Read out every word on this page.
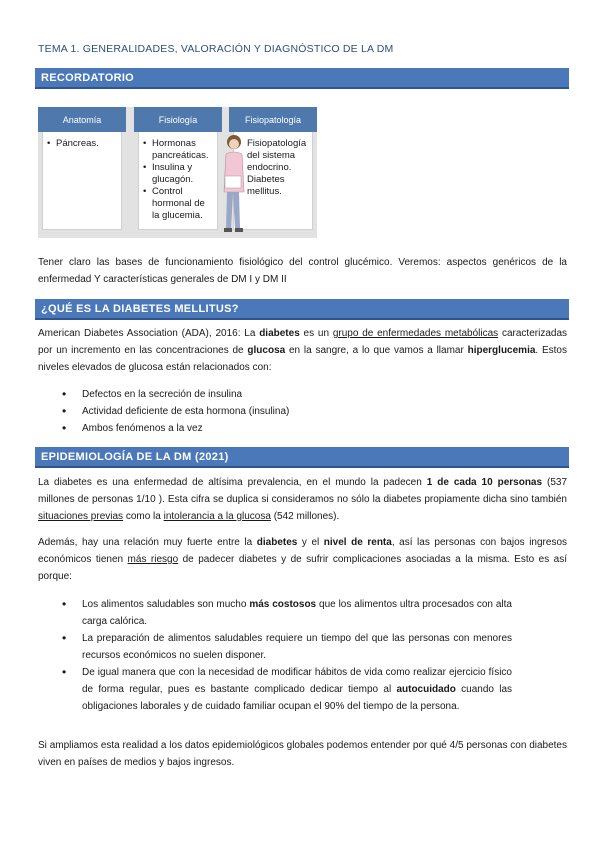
TEMA 1. GENERALIDADES, VALORACIÓN Y DIAGNÓSTICO DE LA DM
RECORDATORIO
Anatomía
• Páncreas.
Fisiología
• Hormonas pancreáticas.
• Insulina y glucagón.
• Control hormonal de la glucemia.
Fisiopatología
• Fisiopatología del sistema endocrino.
• Diabetes mellitus.
Tener claro las bases de funcionamiento fisiológico del control glucémico. Veremos: aspectos genéricos de la enfermedad Y características generales de DM I y DM II
¿QUÉ ES LA DIABETES MELLITUS?
American Diabetes Association (ADA), 2016: La diabetes es un grupo de enfermedades metabólicas caracterizadas por un incremento en las concentraciones de glucosa en la sangre, a lo que vamos a llamar hiperglucemia. Estos niveles elevados de glucosa están relacionados con:
• Defectos en la secreción de insulina
• Actividad deficiente de esta hormona (insulina)
• Ambos fenómenos a la vez
EPIDEMIOLOGÍA DE LA DM (2021)
La diabetes es una enfermedad de altísima prevalencia, en el mundo la padecen 1 de cada 10 personas (537 millones de personas 1/10 ). Esta cifra se duplica si consideramos no sólo la diabetes propiamente dicha sino también situaciones previas como la intolerancia a la glucosa (542 millones).
Además, hay una relación muy fuerte entre la diabetes y el nivel de renta, así las personas con bajos ingresos económicos tienen más riesgo de padecer diabetes y de sufrir complicaciones asociadas a la misma. Esto es así porque:
• Los alimentos saludables son mucho más costosos que los alimentos ultra procesados con alta carga calórica.
• La preparación de alimentos saludables requiere un tiempo del que las personas con menores recursos económicos no suelen disponer.
• De igual manera que con la necesidad de modificar hábitos de vida como realizar ejercicio físico de forma regular, pues es bastante complicado dedicar tiempo al autocuidado cuando las obligaciones laborales y de cuidado familiar ocupan el 90% del tiempo de la persona.
Si ampliamos esta realidad a los datos epidemiológicos globales podemos entender por qué 4/5 personas con diabetes viven en países de medios y bajos ingresos.
